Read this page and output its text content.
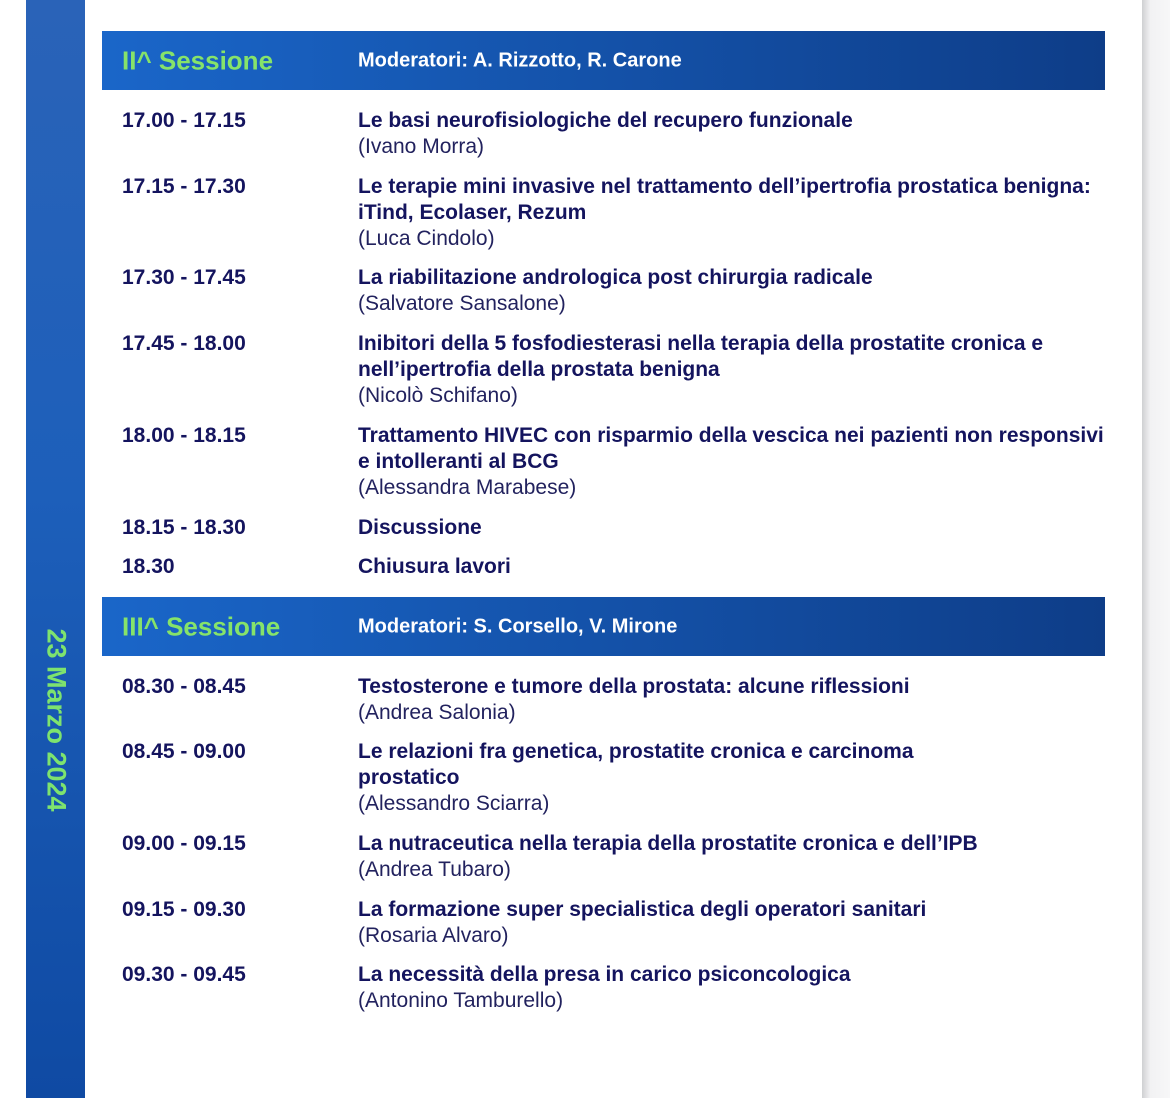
23 Marzo 2024
II^ Sessione	Moderatori: A. Rizzotto, R. Carone
17.00 - 17.15	Le basi neurofisiologiche del recupero funzionale
(Ivano Morra)
17.15 - 17.30	Le terapie mini invasive nel trattamento dell’ipertrofia prostatica benigna: iTind, Ecolaser, Rezum
(Luca Cindolo)
17.30 - 17.45	La riabilitazione andrologica post chirurgia radicale
(Salvatore Sansalone)
17.45 - 18.00	Inibitori della 5 fosfodiesterasi nella terapia della prostatite cronica e nell’ipertrofia della prostata benigna
(Nicolò Schifano)
18.00 - 18.15	Trattamento HIVEC con risparmio della vescica nei pazienti non responsivi e intolleranti al BCG
(Alessandra Marabese)
18.15 - 18.30	Discussione
18.30	Chiusura lavori
III^ Sessione	Moderatori: S. Corsello, V. Mirone
08.30 - 08.45	Testosterone e tumore della prostata: alcune riflessioni
(Andrea Salonia)
08.45 - 09.00	Le relazioni fra genetica, prostatite cronica e carcinoma prostatico
(Alessandro Sciarra)
09.00 - 09.15	La nutraceutica nella terapia della prostatite cronica e dell’IPB
(Andrea Tubaro)
09.15 - 09.30	La formazione super specialistica degli operatori sanitari
(Rosaria Alvaro)
09.30 - 09.45	La necessità della presa in carico psiconcologica
(Antonino Tamburello)
